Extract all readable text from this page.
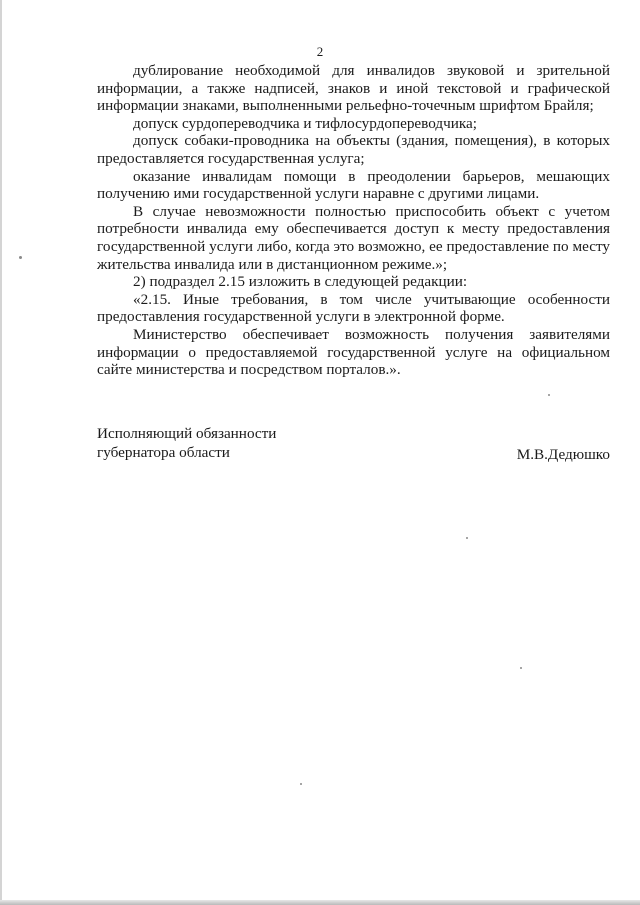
2

дублирование необходимой для инвалидов звуковой и зрительной информации, а также надписей, знаков и иной текстовой и графической информации знаками, выполненными рельефно-точечным шрифтом Брайля;

допуск сурдопереводчика и тифлосурдопереводчика;

допуск собаки-проводника на объекты (здания, помещения), в которых предоставляется государственная услуга;

оказание инвалидам помощи в преодолении барьеров, мешающих получению ими государственной услуги наравне с другими лицами.

В случае невозможности полностью приспособить объект с учетом потребности инвалида ему обеспечивается доступ к месту предоставления государственной услуги либо, когда это возможно, ее предоставление по месту жительства инвалида или в дистанционном режиме.»;

2) подраздел 2.15 изложить в следующей редакции:

«2.15. Иные требования, в том числе учитывающие особенности предоставления государственной услуги в электронной форме.

Министерство обеспечивает возможность получения заявителями информации о предоставляемой государственной услуге на официальном сайте министерства и посредством порталов.».

Исполняющий обязанности
губернатора области	М.В.Дедюшко
